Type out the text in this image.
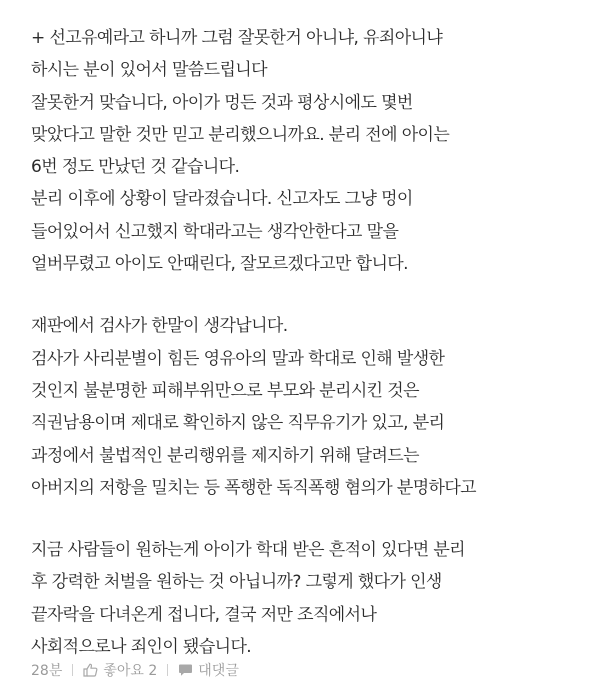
+ 선고유예라고 하니까 그럼 잘못한거 아니냐, 유죄아니냐
하시는 분이 있어서 말씀드립니다
잘못한거 맞습니다, 아이가 멍든 것과 평상시에도 몇번
맞았다고 말한 것만 믿고 분리했으니까요. 분리 전에 아이는
6번 정도 만났던 것 같습니다.
분리 이후에 상황이 달라졌습니다. 신고자도 그냥 멍이
들어있어서 신고했지 학대라고는 생각안한다고 말을
얼버무렸고 아이도 안때린다, 잘모르겠다고만 합니다.
재판에서 검사가 한말이 생각납니다.
검사가 사리분별이 힘든 영유아의 말과 학대로 인해 발생한
것인지 불분명한 피해부위만으로 부모와 분리시킨 것은
직권남용이며 제대로 확인하지 않은 직무유기가 있고, 분리
과정에서 불법적인 분리행위를 제지하기 위해 달려드는
아버지의 저항을 밀치는 등 폭행한 독직폭행 혐의가 분명하다고
지금 사람들이 원하는게 아이가 학대 받은 흔적이 있다면 분리
후 강력한 처벌을 원하는 것 아닙니까? 그렇게 했다가 인생
끝자락을 다녀온게 접니다, 결국 저만 조직에서나
사회적으로나 죄인이 됐습니다.
28분	좋아요 2	대댓글
